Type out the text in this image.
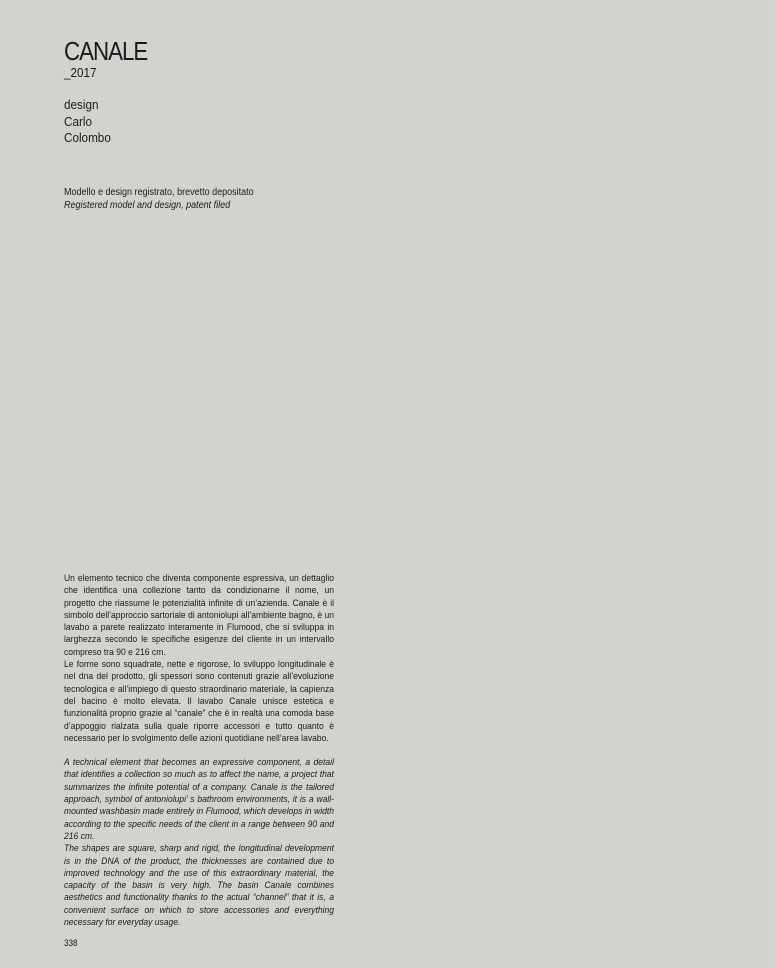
CANALE
_2017
design
Carlo
Colombo
Modello e design registrato, brevetto depositato
Registered model and design, patent filed

Un elemento tecnico che diventa componente espressiva, un dettaglio che identifica una collezione tanto da condizionarne il nome, un progetto che riassume le potenzialità infinite di un’azienda. Canale è il simbolo dell’approccio sartoriale di antoniolupi all’ambiente bagno, è un lavabo a parete realizzato interamente in Flumood, che si sviluppa in larghezza secondo le specifiche esigenze del cliente in un intervallo compreso tra 90 e 216 cm.

Le forme sono squadrate, nette e rigorose, lo sviluppo longitudinale è nel dna del prodotto, gli spessori sono contenuti grazie all’evoluzione tecnologica e all’impiego di questo straordinario materiale, la capienza del bacino è molto elevata. Il lavabo Canale unisce estetica e funzionalità proprio grazie al “canale” che è in realtà una comoda base d’appoggio rialzata sulla quale riporre accessori e tutto quanto è necessario per lo svolgimento delle azioni quotidiane nell’area lavabo.

A technical element that becomes an expressive component, a detail that identifies a collection so much as to affect the name, a project that summarizes the infinite potential of a company. Canale is the tailored approach, symbol of antoniolupi’ s bathroom environments, it is a wall-mounted washbasin made entirely in Flumood, which develops in width according to the specific needs of the client in a range between 90 and 216 cm.

The shapes are square, sharp and rigid, the longitudinal development is in the DNA of the product, the thicknesses are contained due to improved technology and the use of this extraordinary material, the capacity of the basin is very high. The basin Canale combines aesthetics and functionality thanks to the actual “channel” that it is, a convenient surface on which to store accessories and everything necessary for everyday usage.

338
